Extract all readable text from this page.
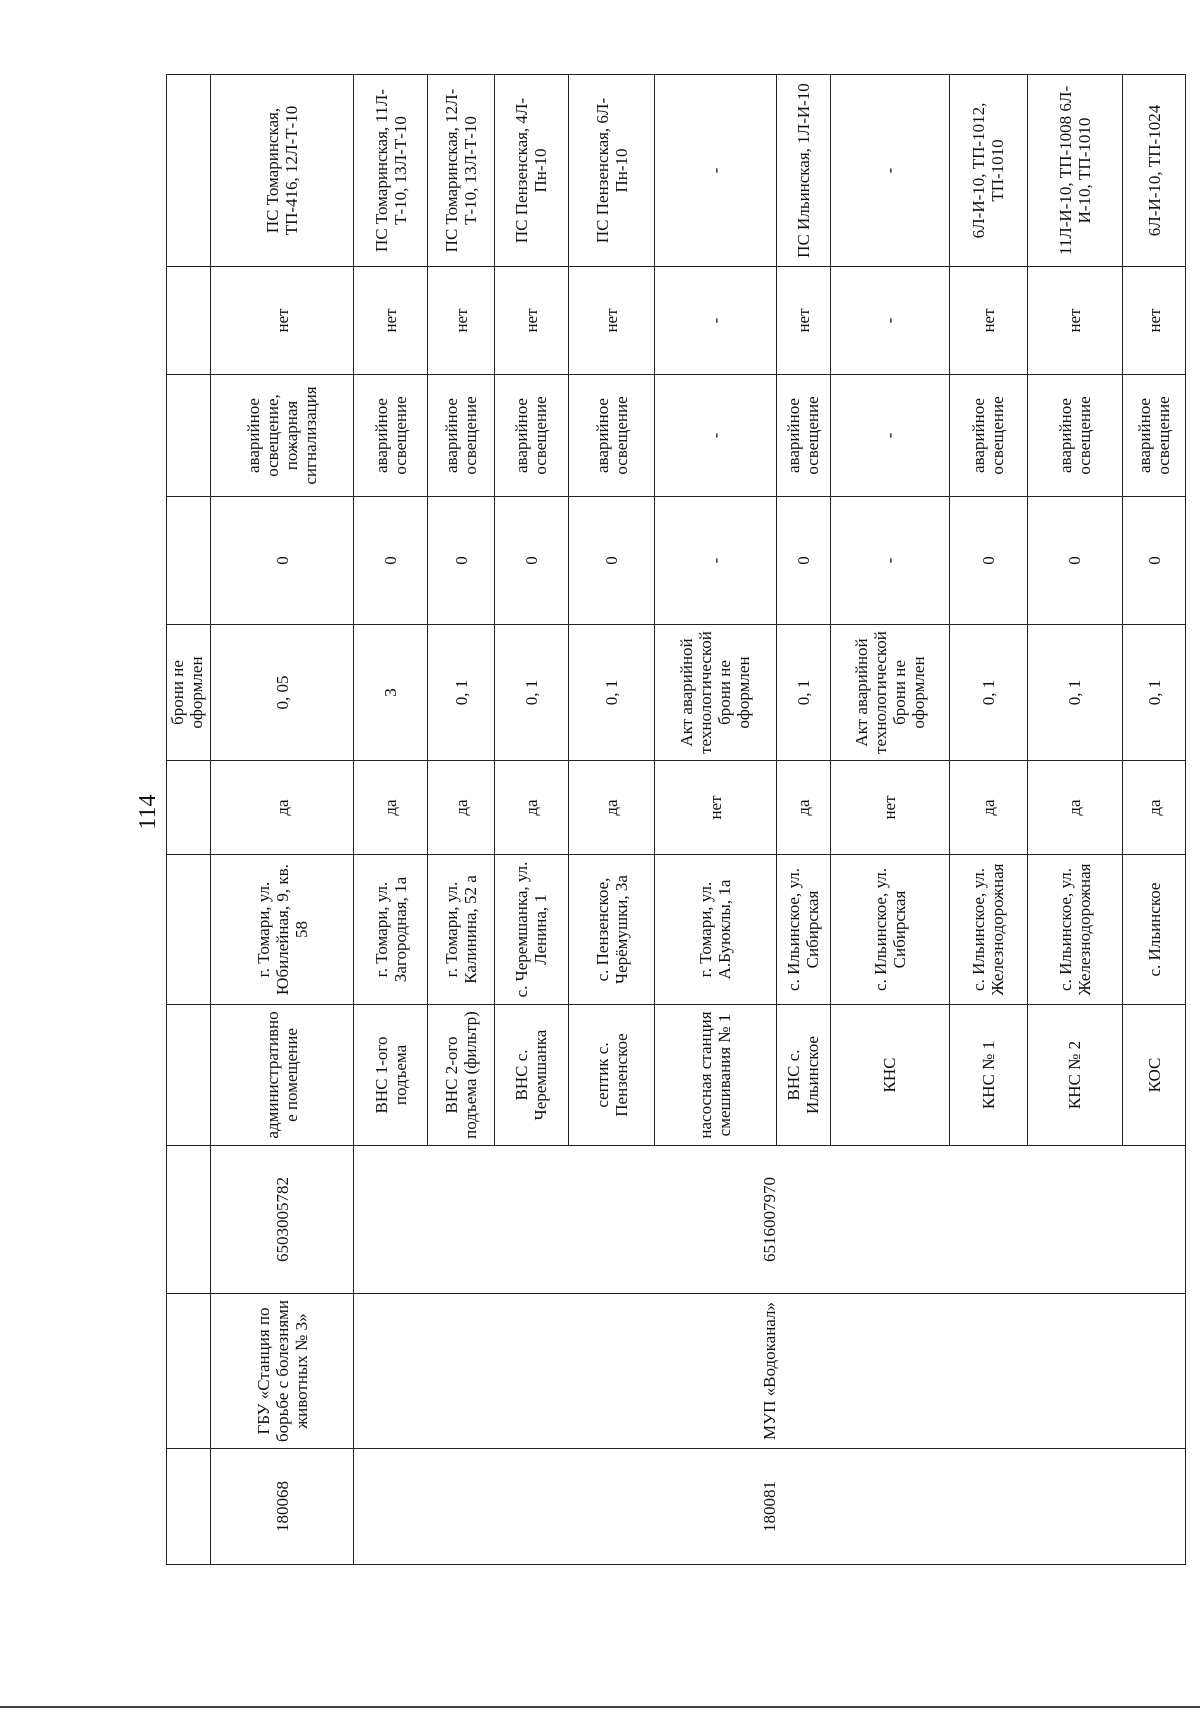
114
						брони не оформлен				
180068	ГБУ «Станция по борьбе с болезнями животных № 3»	6503005782	административное помещение	г. Томари, ул. Юбилейная, 9, кв. 58	да	0, 05	0	аварийное освещение, пожарная сигнализация	нет	ПС Томаринская, ТП-416, 12Л-Т-10
180081	МУП «Водоканал»	6516007970	ВНС 1-ого подъема	г. Томари, ул. Загородная, 1а	да	3	0	аварийное освещение	нет	ПС Томаринская, 11Л-Т-10, 13Л-Т-10
			ВНС 2-ого подъема (фильтр)	г. Томари, ул. Калинина, 52 а	да	0, 1	0	аварийное освещение	нет	ПС Томаринская, 12Л-Т-10, 13Л-Т-10
			ВНС с. Черемшанка	с. Черемшанка, ул. Ленина, 1	да	0, 1	0	аварийное освещение	нет	ПС Пензенская, 4Л-Пн-10
			септик с. Пензенское	с. Пензенское, Черёмушки, 3а	да	0, 1	0	аварийное освещение	нет	ПС Пензенская, 6Л-Пн-10
			насосная станция смешивания № 1	г. Томари, ул. А.Буюклы, 1а	нет	Акт аварийной технологической брони не оформлен	-	-	-	-
			ВНС с. Ильинское	с. Ильинское, ул. Сибирская	да	0, 1	0	аварийное освещение	нет	ПС Ильинская, 1Л-И-10
			КНС	с. Ильинское, ул. Сибирская	нет	Акт аварийной технологической брони не оформлен	-	-	-	-
			КНС № 1	с. Ильинское, ул. Железнодорожная	да	0, 1	0	аварийное освещение	нет	6Л-И-10, ТП-1012, ТП-1010
			КНС № 2	с. Ильинское, ул. Железнодорожная	да	0, 1	0	аварийное освещение	нет	11Л-И-10, ТП-1008 6Л-И-10, ТП-1010
			КОС	с. Ильинское	да	0, 1	0	аварийное освещение	нет	6Л-И-10, ТП-1024
